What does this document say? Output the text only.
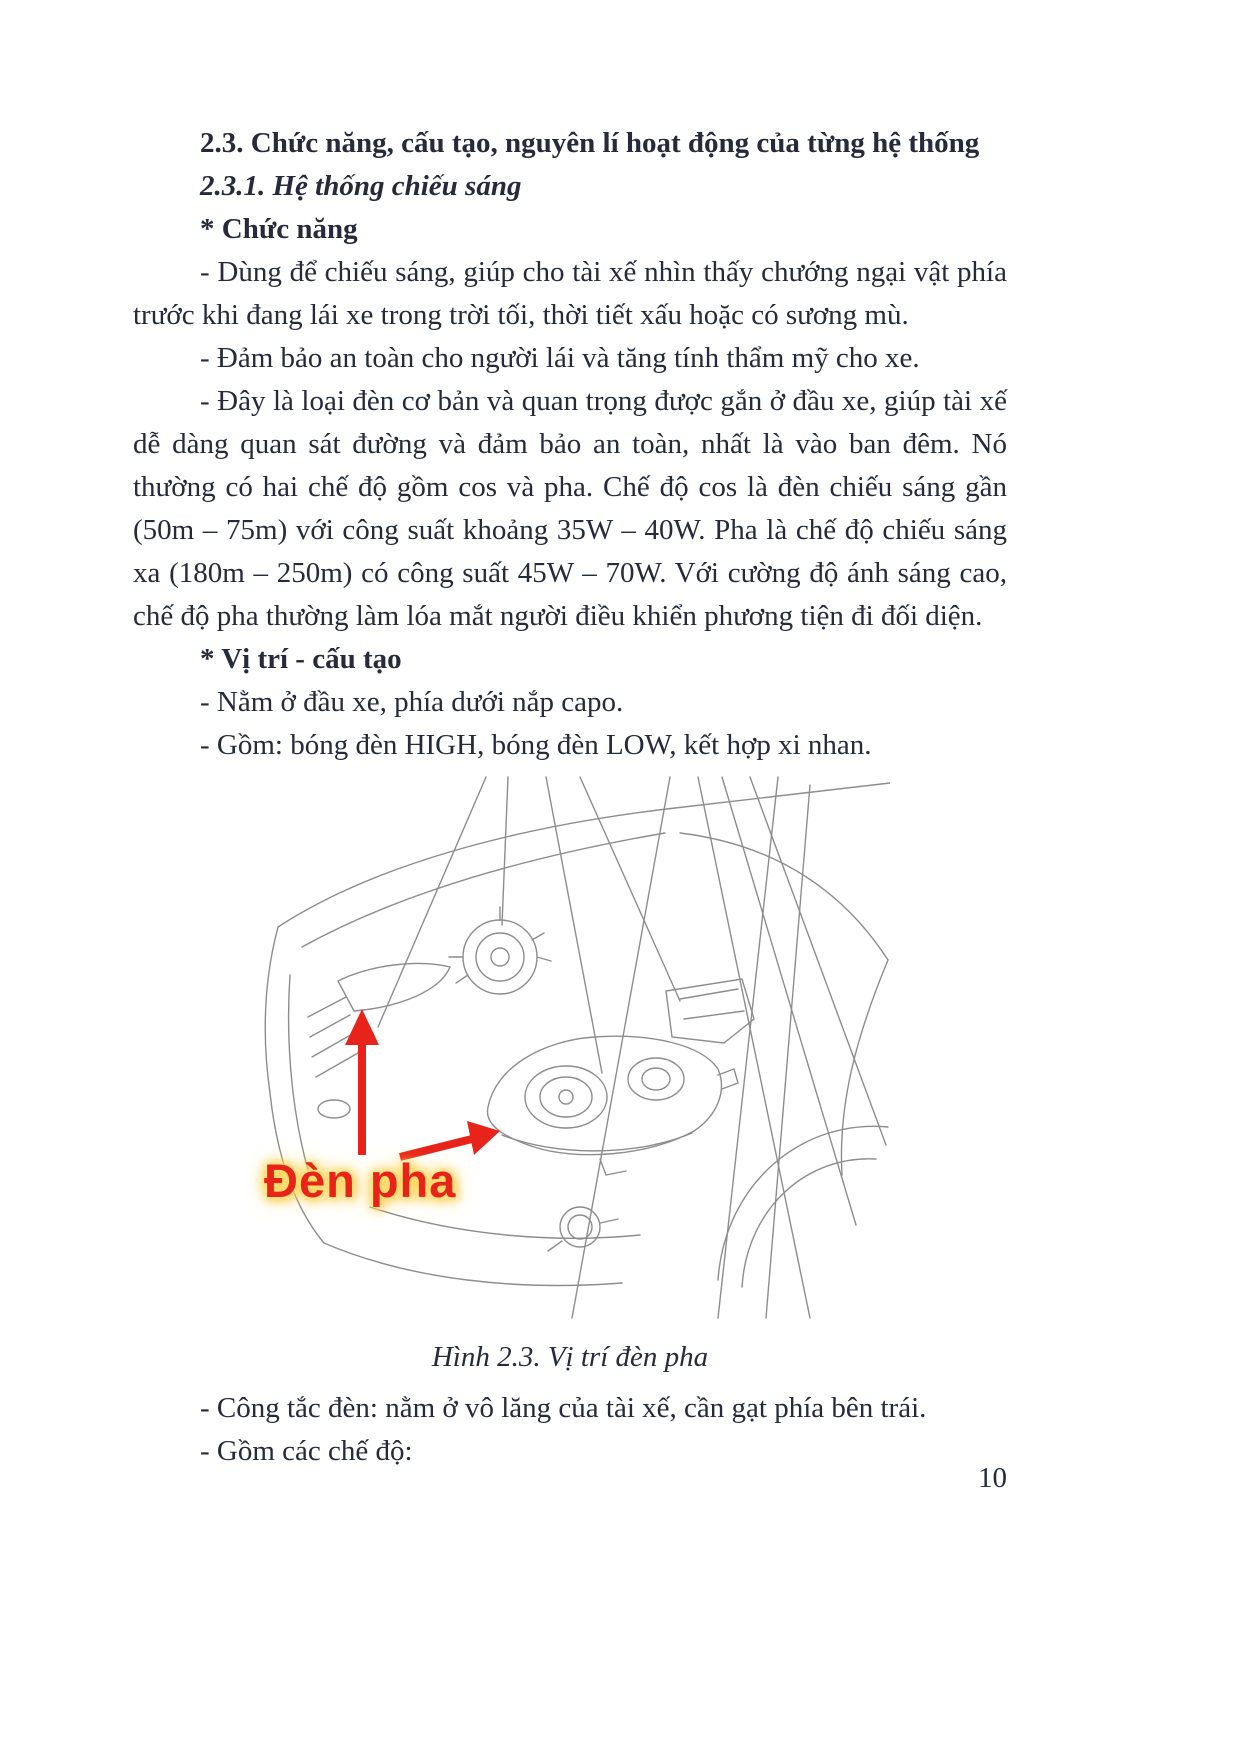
2.3. Chức năng, cấu tạo, nguyên lí hoạt động của từng hệ thống

2.3.1. Hệ thống chiếu sáng

* Chức năng

- Dùng để chiếu sáng, giúp cho tài xế nhìn thấy chướng ngại vật phía trước khi đang lái xe trong trời tối, thời tiết xấu hoặc có sương mù.

- Đảm bảo an toàn cho người lái và tăng tính thẩm mỹ cho xe.

- Đây là loại đèn cơ bản và quan trọng được gắn ở đầu xe, giúp tài xế dễ dàng quan sát đường và đảm bảo an toàn, nhất là vào ban đêm. Nó thường có hai chế độ gồm cos và pha. Chế độ cos là đèn chiếu sáng gần (50m – 75m) với công suất khoảng 35W – 40W. Pha là chế độ chiếu sáng xa (180m – 250m) có công suất 45W – 70W. Với cường độ ánh sáng cao, chế độ pha thường làm lóa mắt người điều khiển phương tiện đi đối diện.

* Vị trí - cấu tạo

- Nằm ở đầu xe, phía dưới nắp capo.

- Gồm: bóng đèn HIGH, bóng đèn LOW, kết hợp xi nhan.

Đèn pha

Hình 2.3. Vị trí đèn pha

- Công tắc đèn: nằm ở vô lăng của tài xế, cần gạt phía bên trái.

- Gồm các chế độ:

10
